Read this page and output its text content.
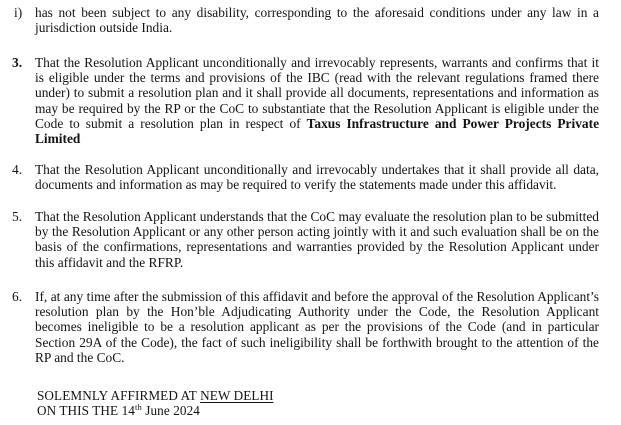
i) has not been subject to any disability, corresponding to the aforesaid conditions under any law in a jurisdiction outside India.
3. That the Resolution Applicant unconditionally and irrevocably represents, warrants and confirms that it is eligible under the terms and provisions of the IBC (read with the relevant regulations framed there under) to submit a resolution plan and it shall provide all documents, representations and information as may be required by the RP or the CoC to substantiate that the Resolution Applicant is eligible under the Code to submit a resolution plan in respect of Taxus Infrastructure and Power Projects Private Limited
4. That the Resolution Applicant unconditionally and irrevocably undertakes that it shall provide all data, documents and information as may be required to verify the statements made under this affidavit.
5. That the Resolution Applicant understands that the CoC may evaluate the resolution plan to be submitted by the Resolution Applicant or any other person acting jointly with it and such evaluation shall be on the basis of the confirmations, representations and warranties provided by the Resolution Applicant under this affidavit and the RFRP.
6. If, at any time after the submission of this affidavit and before the approval of the Resolution Applicant’s resolution plan by the Hon’ble Adjudicating Authority under the Code, the Resolution Applicant becomes ineligible to be a resolution applicant as per the provisions of the Code (and in particular Section 29A of the Code), the fact of such ineligibility shall be forthwith brought to the attention of the RP and the CoC.
SOLEMNLY AFFIRMED AT NEW DELHI
ON THIS THE 14th June 2024
